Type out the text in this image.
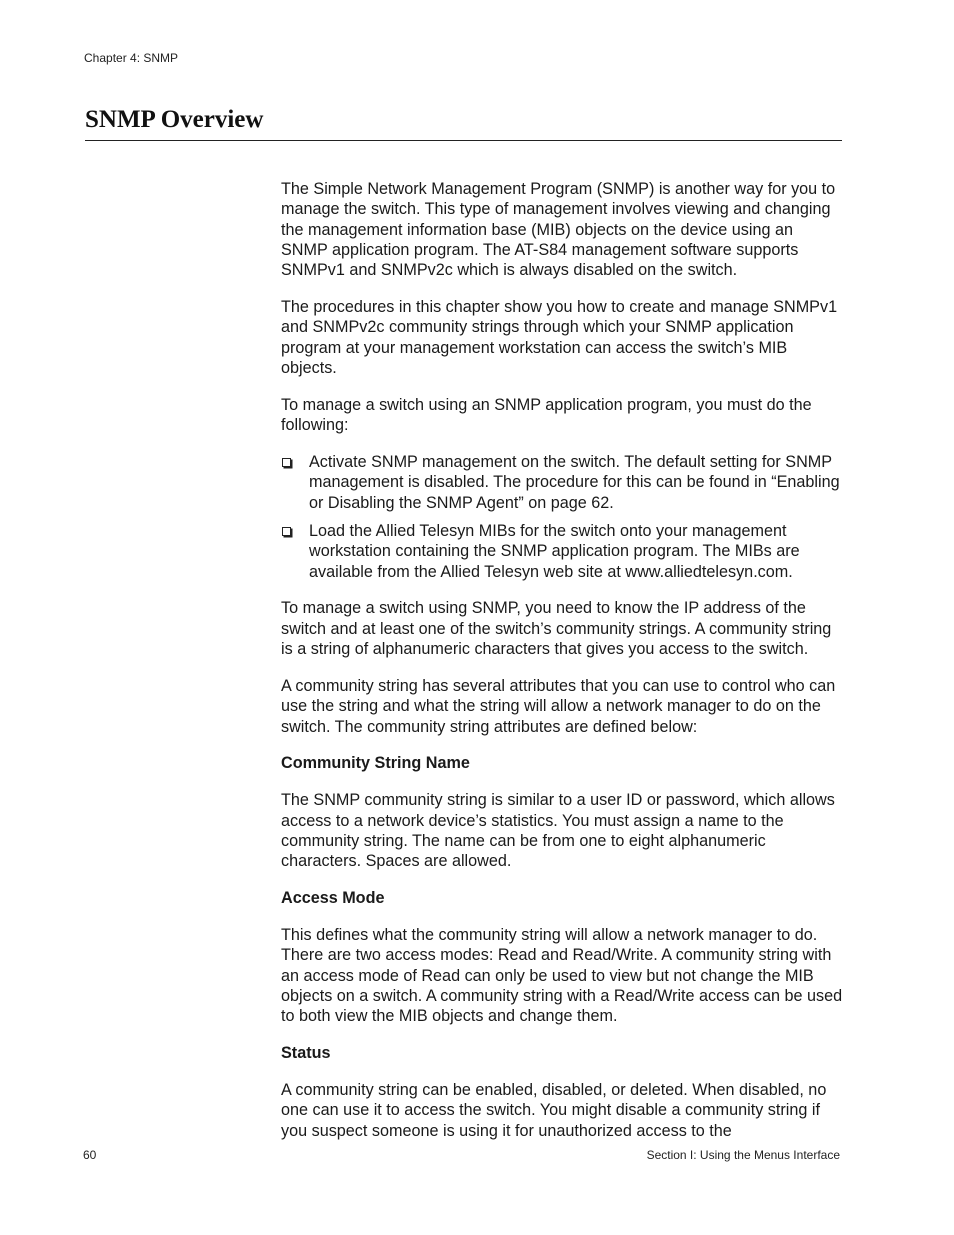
Chapter 4: SNMP
SNMP Overview

The Simple Network Management Program (SNMP) is another way for you to manage the switch. This type of management involves viewing and changing the management information base (MIB) objects on the device using an SNMP application program. The AT-S84 management software supports SNMPv1 and SNMPv2c which is always disabled on the switch.

The procedures in this chapter show you how to create and manage SNMPv1 and SNMPv2c community strings through which your SNMP application program at your management workstation can access the switch’s MIB objects.

To manage a switch using an SNMP application program, you must do the following:

Activate SNMP management on the switch. The default setting for SNMP management is disabled. The procedure for this can be found in “Enabling or Disabling the SNMP Agent” on page 62.
Load the Allied Telesyn MIBs for the switch onto your management workstation containing the SNMP application program. The MIBs are available from the Allied Telesyn web site at www.alliedtelesyn.com.

To manage a switch using SNMP, you need to know the IP address of the switch and at least one of the switch’s community strings. A community string is a string of alphanumeric characters that gives you access to the switch.

A community string has several attributes that you can use to control who can use the string and what the string will allow a network manager to do on the switch. The community string attributes are defined below:

Community String Name

The SNMP community string is similar to a user ID or password, which allows access to a network device’s statistics. You must assign a name to the community string. The name can be from one to eight alphanumeric characters. Spaces are allowed.

Access Mode

This defines what the community string will allow a network manager to do. There are two access modes: Read and Read/Write. A community string with an access mode of Read can only be used to view but not change the MIB objects on a switch. A community string with a Read/Write access can be used to both view the MIB objects and change them.

Status

A community string can be enabled, disabled, or deleted. When disabled, no one can use it to access the switch. You might disable a community string if you suspect someone is using it for unauthorized access to the

60	Section I: Using the Menus Interface
